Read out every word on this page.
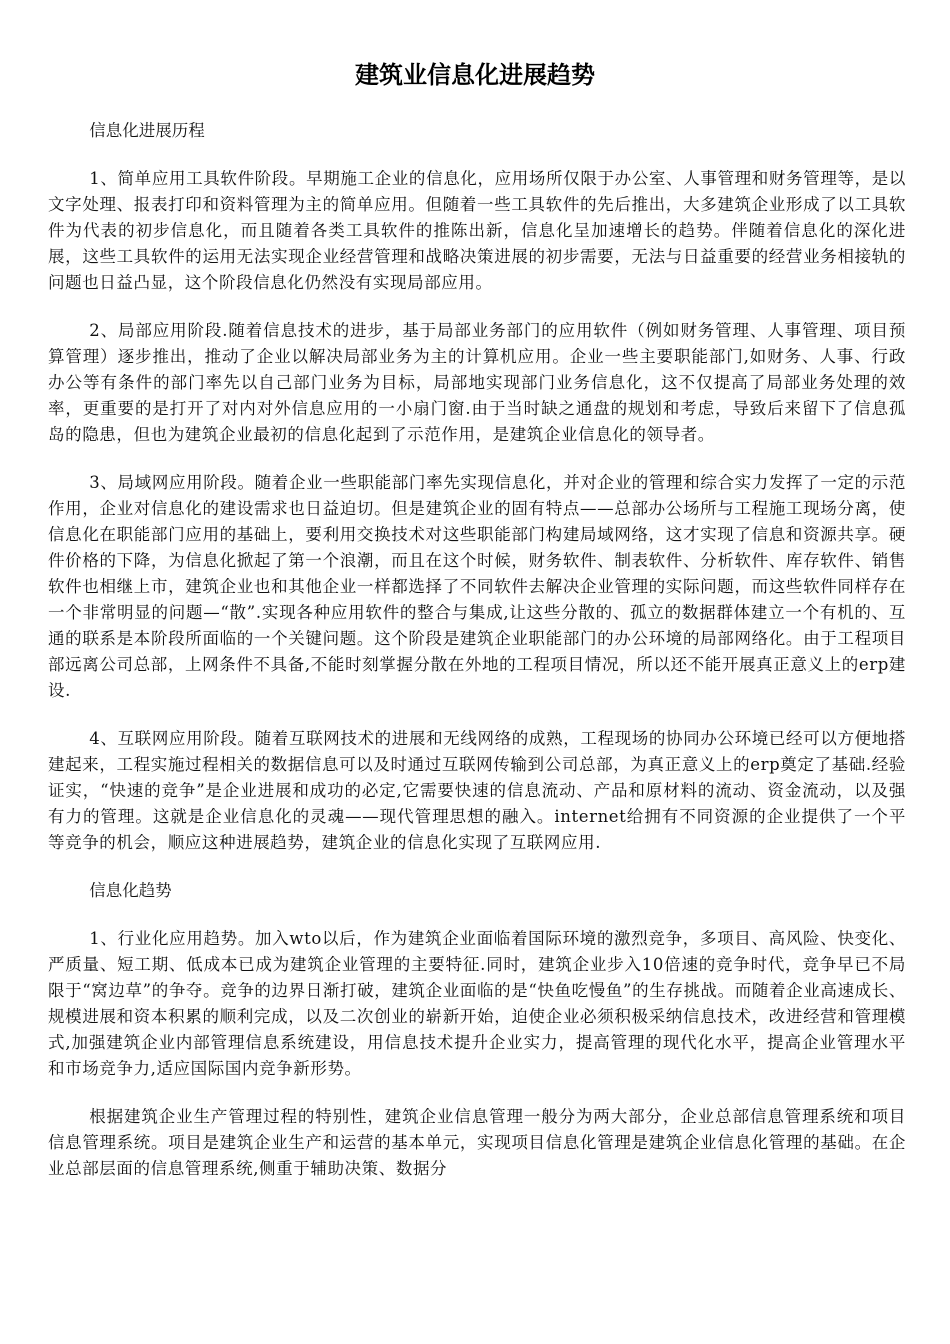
建筑业信息化进展趋势

信息化进展历程

1、简单应用工具软件阶段。早期施工企业的信息化，应用场所仅限于办公室、人事管理和财务管理等，是以文字处理、报表打印和资料管理为主的简单应用。但随着一些工具软件的先后推出，大多建筑企业形成了以工具软件为代表的初步信息化，而且随着各类工具软件的推陈出新，信息化呈加速增长的趋势。伴随着信息化的深化进展，这些工具软件的运用无法实现企业经营管理和战略决策进展的初步需要，无法与日益重要的经营业务相接轨的问题也日益凸显，这个阶段信息化仍然没有实现局部应用。

2、局部应用阶段.随着信息技术的进步，基于局部业务部门的应用软件（例如财务管理、人事管理、项目预算管理）逐步推出，推动了企业以解决局部业务为主的计算机应用。企业一些主要职能部门,如财务、人事、行政办公等有条件的部门率先以自己部门业务为目标，局部地实现部门业务信息化，这不仅提高了局部业务处理的效率，更重要的是打开了对内对外信息应用的一小扇门窗.由于当时缺之通盘的规划和考虑，导致后来留下了信息孤岛的隐患，但也为建筑企业最初的信息化起到了示范作用，是建筑企业信息化的领导者。

3、局域网应用阶段。随着企业一些职能部门率先实现信息化，并对企业的管理和综合实力发挥了一定的示范作用，企业对信息化的建设需求也日益迫切。但是建筑企业的固有特点——总部办公场所与工程施工现场分离，使信息化在职能部门应用的基础上，要利用交换技术对这些职能部门构建局域网络，这才实现了信息和资源共享。硬件价格的下降，为信息化掀起了第一个浪潮，而且在这个时候，财务软件、制表软件、分析软件、库存软件、销售软件也相继上市，建筑企业也和其他企业一样都选择了不同软件去解决企业管理的实际问题，而这些软件同样存在一个非常明显的问题—“散”.实现各种应用软件的整合与集成,让这些分散的、孤立的数据群体建立一个有机的、互通的联系是本阶段所面临的一个关键问题。这个阶段是建筑企业职能部门的办公环境的局部网络化。由于工程项目部远离公司总部，上网条件不具备,不能时刻掌握分散在外地的工程项目情况，所以还不能开展真正意义上的erp建设.

4、互联网应用阶段。随着互联网技术的进展和无线网络的成熟，工程现场的协同办公环境已经可以方便地搭建起来，工程实施过程相关的数据信息可以及时通过互联网传输到公司总部，为真正意义上的erp奠定了基础.经验证实，“快速的竞争”是企业进展和成功的必定,它需要快速的信息流动、产品和原材料的流动、资金流动，以及强有力的管理。这就是企业信息化的灵魂——现代管理思想的融入。internet给拥有不同资源的企业提供了一个平等竞争的机会，顺应这种进展趋势，建筑企业的信息化实现了互联网应用.

信息化趋势

1、行业化应用趋势。加入wto以后，作为建筑企业面临着国际环境的激烈竞争，多项目、高风险、快变化、严质量、短工期、低成本已成为建筑企业管理的主要特征.同时，建筑企业步入10倍速的竞争时代，竞争早已不局限于“窝边草”的争夺。竞争的边界日渐打破，建筑企业面临的是“快鱼吃慢鱼”的生存挑战。而随着企业高速成长、规模进展和资本积累的顺利完成，以及二次创业的崭新开始，迫使企业必须积极采纳信息技术，改进经营和管理模式,加强建筑企业内部管理信息系统建设，用信息技术提升企业实力，提高管理的现代化水平，提高企业管理水平和市场竞争力,适应国际国内竞争新形势。

根据建筑企业生产管理过程的特别性，建筑企业信息管理一般分为两大部分，企业总部信息管理系统和项目信息管理系统。项目是建筑企业生产和运营的基本单元，实现项目信息化管理是建筑企业信息化管理的基础。在企业总部层面的信息管理系统,侧重于辅助决策、数据分
